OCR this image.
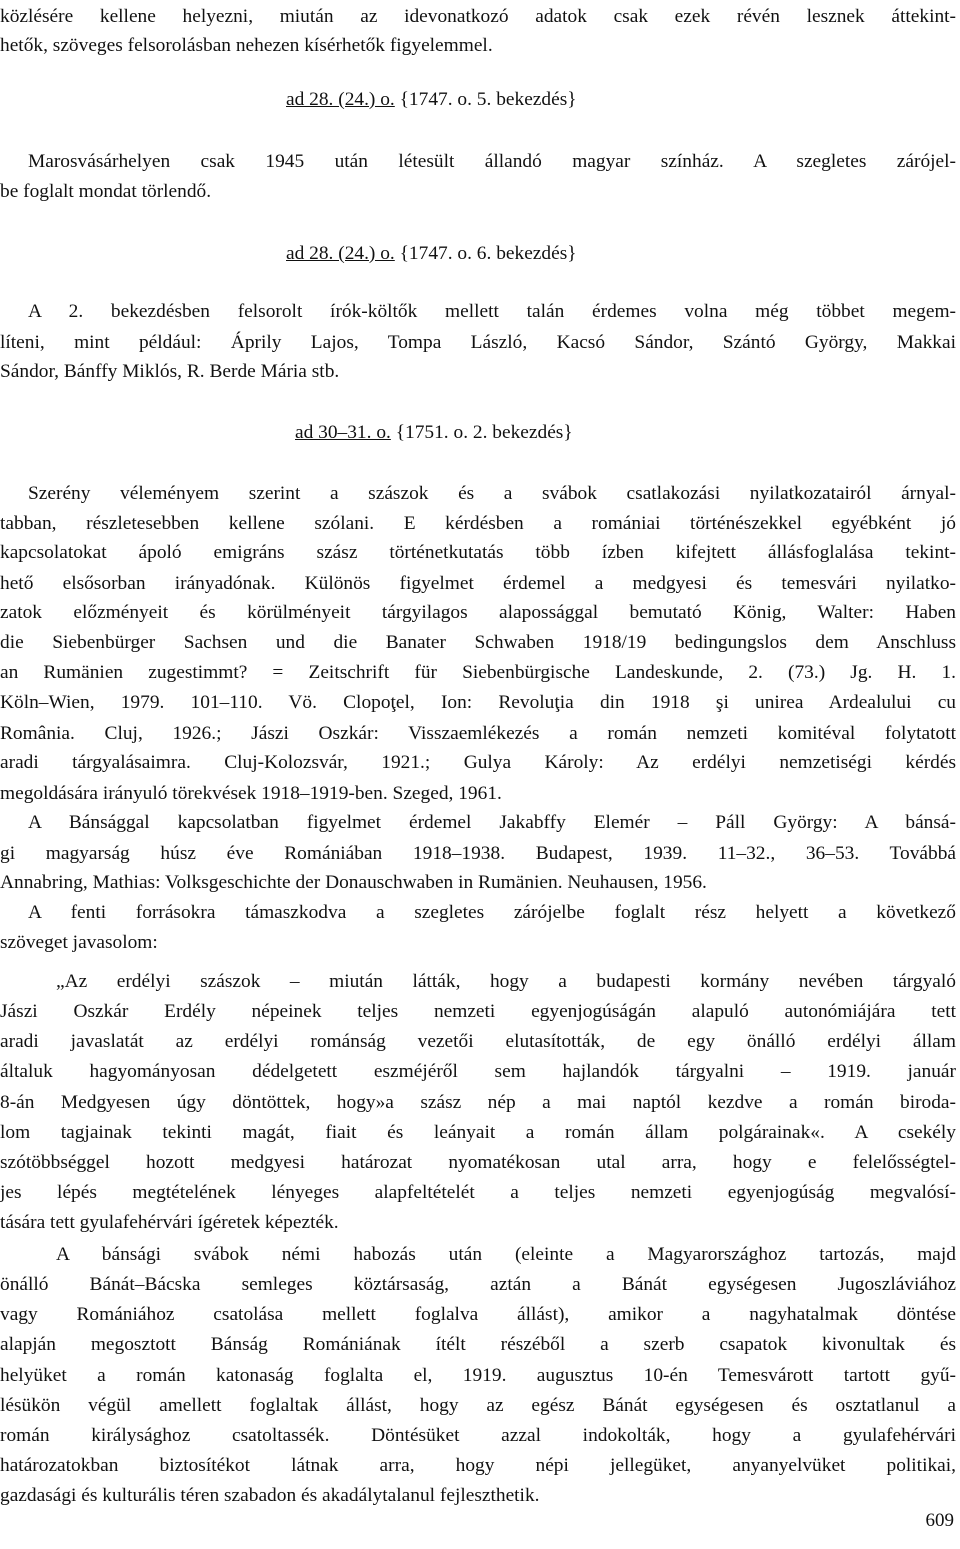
közlésére kellene helyezni, miután az idevonatkozó adatok csak ezek révén lesznek áttekint-
hetők, szöveges felsorolásban nehezen kísérhetők figyelemmel.
ad 28. (24.) o. {1747. o. 5. bekezdés}
Marosvásárhelyen csak 1945 után létesült állandó magyar színház. A szegletes zárójel-
be foglalt mondat törlendő.
ad 28. (24.) o. {1747. o. 6. bekezdés}
A 2. bekezdésben felsorolt írók-költők mellett talán érdemes volna még többet megem-
líteni, mint például: Áprily Lajos, Tompa László, Kacsó Sándor, Szántó György, Makkai
Sándor, Bánffy Miklós, R. Berde Mária stb.
ad 30–31. o. {1751. o. 2. bekezdés}
Szerény véleményem szerint a szászok és a svábok csatlakozási nyilatkozatairól árnyal-
tabban, részletesebben kellene szólani. E kérdésben a romániai történészekkel egyébként jó
kapcsolatokat ápoló emigráns szász történetkutatás több ízben kifejtett állásfoglalása tekint-
hető elsősorban irányadónak. Különös figyelmet érdemel a medgyesi és temesvári nyilatko-
zatok előzményeit és körülményeit tárgyilagos alapossággal bemutató König, Walter: Haben
die Siebenbürger Sachsen und die Banater Schwaben 1918/19 bedingungslos dem Anschluss
an Rumänien zugestimmt? = Zeitschrift für Siebenbürgische Landeskunde, 2. (73.) Jg. H. 1.
Köln–Wien, 1979. 101–110. Vö. Clopoţel, Ion: Revoluţia din 1918 şi unirea Ardealului cu
România. Cluj, 1926.; Jászi Oszkár: Visszaemlékezés a román nemzeti komitéval folytatott
aradi tárgyalásaimra. Cluj-Kolozsvár, 1921.; Gulya Károly: Az erdélyi nemzetiségi kérdés
megoldására irányuló törekvések 1918–1919-ben. Szeged, 1961.
A Bánsággal kapcsolatban figyelmet érdemel Jakabffy Elemér – Páll György: A bánsá-
gi magyarság húsz éve Romániában 1918–1938. Budapest, 1939. 11–32., 36–53. Továbbá
Annabring, Mathias: Volksgeschichte der Donauschwaben in Rumänien. Neuhausen, 1956.
A fenti forrásokra támaszkodva a szegletes zárójelbe foglalt rész helyett a következő
szöveget javasolom:
„Az erdélyi szászok – miután látták, hogy a budapesti kormány nevében tárgyaló
Jászi Oszkár Erdély népeinek teljes nemzeti egyenjogúságán alapuló autonómiájára tett
aradi javaslatát az erdélyi románság vezetői elutasították, de egy önálló erdélyi állam
általuk hagyományosan dédelgetett eszméjéről sem hajlandók tárgyalni – 1919. január
8-án Medgyesen úgy döntöttek, hogy»a szász nép a mai naptól kezdve a román biroda-
lom tagjainak tekinti magát, fiait és leányait a román állam polgárainak«. A csekély
szótöbbséggel hozott medgyesi határozat nyomatékosan utal arra, hogy e felelősségtel-
jes lépés megtételének lényeges alapfeltételét a teljes nemzeti egyenjogúság megvalósí-
tására tett gyulafehérvári ígéretek képezték.
A bánsági svábok némi habozás után (eleinte a Magyarországhoz tartozás, majd
önálló Bánát–Bácska semleges köztársaság, aztán a Bánát egységesen Jugoszláviához
vagy Romániához csatolása mellett foglalva állást), amikor a nagyhatalmak döntése
alapján megosztott Bánság Romániának ítélt részéből a szerb csapatok kivonultak és
helyüket a román katonaság foglalta el, 1919. augusztus 10-én Temesvárott tartott gyű-
lésükön végül amellett foglaltak állást, hogy az egész Bánát egységesen és osztatlanul a
román királysághoz csatoltassék. Döntésüket azzal indokolták, hogy a gyulafehérvári
határozatokban biztosítékot látnak arra, hogy népi jellegüket, anyanyelvüket politikai,
gazdasági és kulturális téren szabadon és akadálytalanul fejleszthetik.
609
